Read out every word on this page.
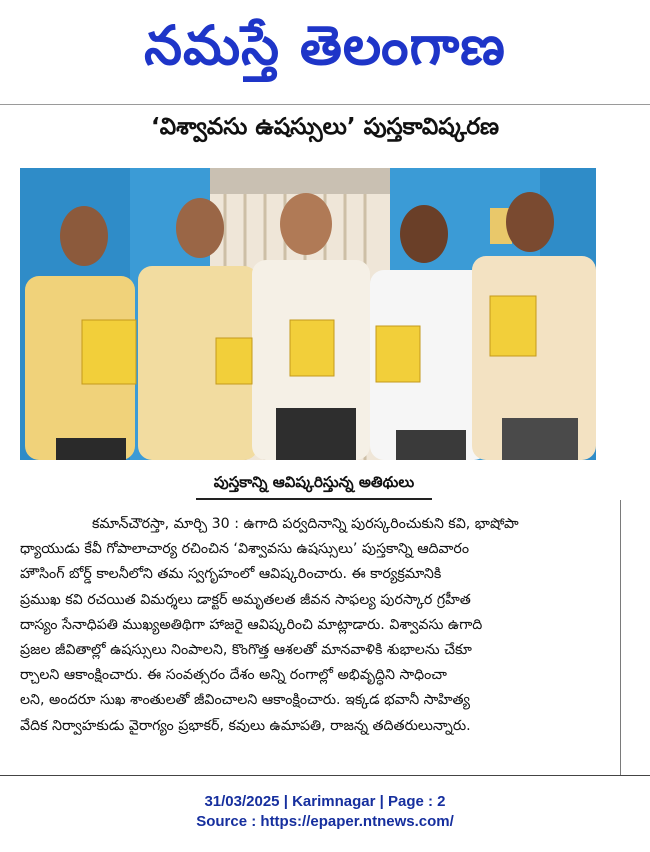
నమస్తే తెలంగాణ
‘విశ్వావసు ఉషస్సులు’ పుస్తకావిష్కరణ
పుస్తకాన్ని ఆవిష్కరిస్తున్న అతిథులు
కమాన్‌చౌరస్తా, మార్చి 30 : ఉగాది పర్వదినాన్ని పురస్కరించుకుని కవి, భాషోపా
ధ్యాయుడు కేవీ గోపాలాచార్య రచించిన ‘విశ్వావసు ఉషస్సులు’ పుస్తకాన్ని ఆదివారం
హౌసింగ్ బోర్డ్ కాలనీలోని తమ స్వగృహంలో ఆవిష్కరించారు. ఈ కార్యక్రమానికి
ప్రముఖ కవి రచయిత విమర్శలు డాక్టర్ అమృతలత జీవన సాఫల్య పురస్కార గ్రహీత
దాస్యం సేనాధిపతి ముఖ్యఅతిథిగా హాజరై ఆవిష్కరించి మాట్లాడారు. విశ్వావసు ఉగాది
ప్రజల జీవితాల్లో ఉషస్సులు నింపాలని, కొంగొత్త ఆశలతో మానవాళికి శుభాలను చేకూ
ర్చాలని ఆకాంక్షించారు. ఈ సంవత్సరం దేశం అన్ని రంగాల్లో అభివృద్ధిని సాధించా
లని, అందరూ సుఖ శాంతులతో జీవించాలని ఆకాంక్షించారు. ఇక్కడ భవానీ సాహిత్య
వేదిక నిర్వాహకుడు వైరాగ్యం ప్రభాకర్, కవులు ఉమాపతి, రాజన్న తదితరులున్నారు.
31/03/2025 | Karimnagar | Page : 2
Source : https://epaper.ntnews.com/
